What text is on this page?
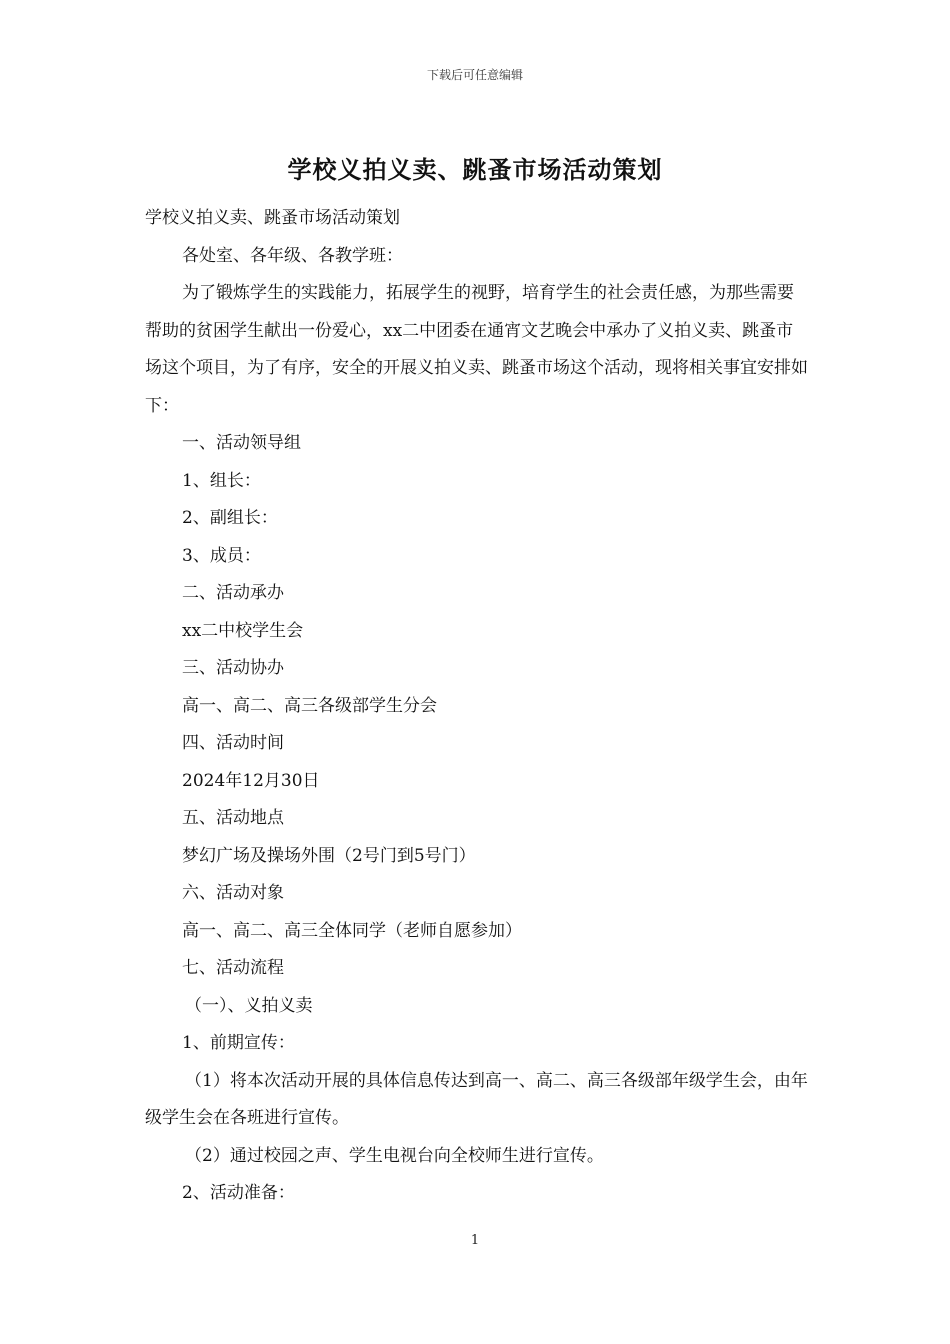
下载后可任意编辑
学校义拍义卖、跳蚤市场活动策划

学校义拍义卖、跳蚤市场活动策划

各处室、各年级、各教学班：

为了锻炼学生的实践能力，拓展学生的视野，培育学生的社会责任感，为那些需要帮助的贫困学生献出一份爱心，xx二中团委在通宵文艺晚会中承办了义拍义卖、跳蚤市场这个项目，为了有序，安全的开展义拍义卖、跳蚤市场这个活动，现将相关事宜安排如下：

一、活动领导组

1、组长：

2、副组长：

3、成员：

二、活动承办

xx二中校学生会

三、活动协办

高一、高二、高三各级部学生分会

四、活动时间

2024年12月30日

五、活动地点

梦幻广场及操场外围（2号门到5号门）

六、活动对象

高一、高二、高三全体同学（老师自愿参加）

七、活动流程

（一）、义拍义卖

1、前期宣传：

（1）将本次活动开展的具体信息传达到高一、高二、高三各级部年级学生会，由年级学生会在各班进行宣传。

（2）通过校园之声、学生电视台向全校师生进行宣传。

2、活动准备：

1
